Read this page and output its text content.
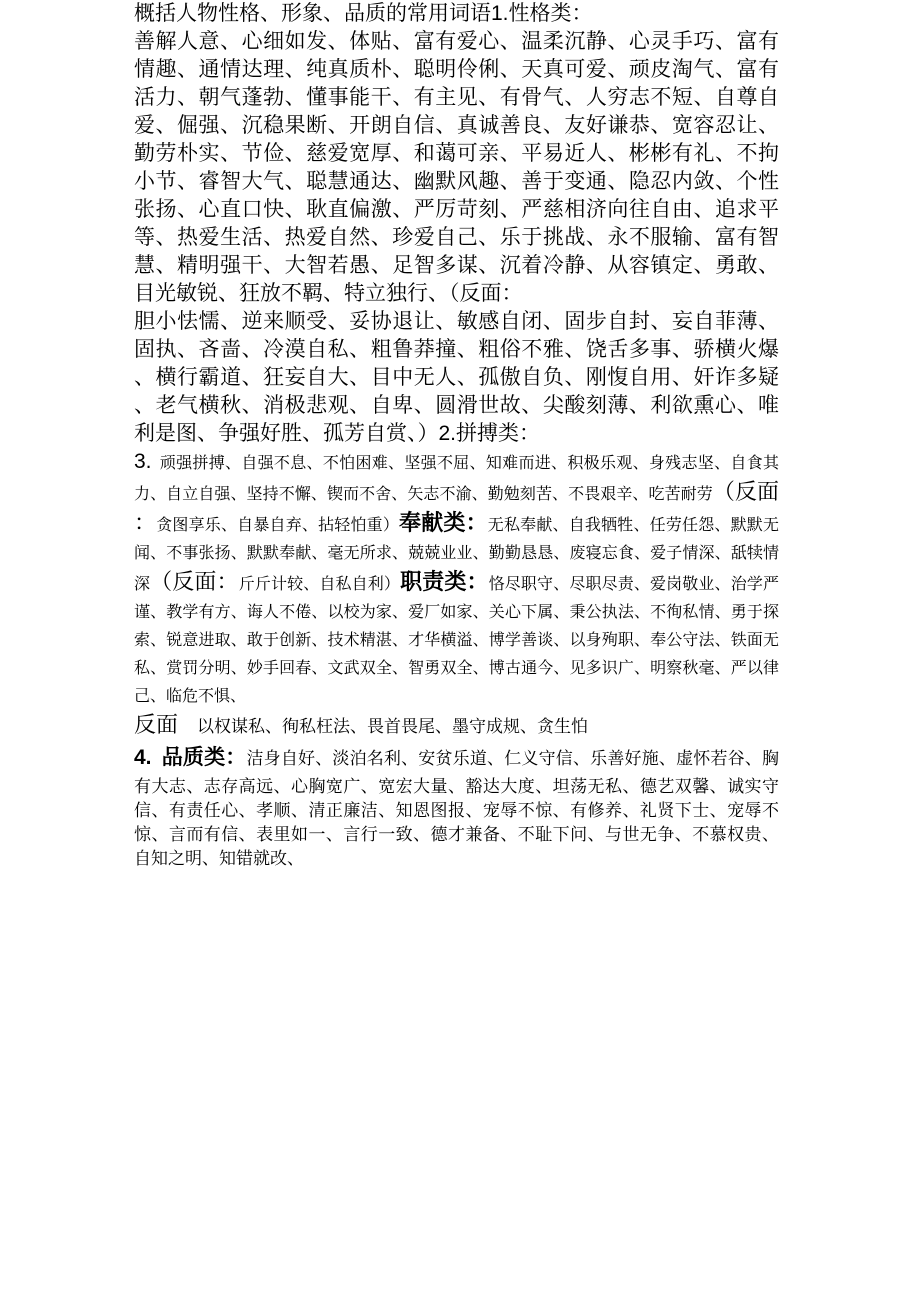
概括人物性格、形象、品质的常用词语1.性格类：

善解人意、心细如发、体贴、富有爱心、温柔沉静、心灵手巧、富有情趣、通情达理、纯真质朴、聪明伶俐、天真可爱、顽皮淘气、富有活力、朝气蓬勃、懂事能干、有主见、有骨气、人穷志不短、自尊自爱、倔强、沉稳果断、开朗自信、真诚善良、友好谦恭、宽容忍让、勤劳朴实、节俭、慈爱宽厚、和蔼可亲、平易近人、彬彬有礼、不拘小节、睿智大气、聪慧通达、幽默风趣、善于变通、隐忍内敛、个性张扬、心直口快、耿直偏激、严厉苛刻、严慈相济向往自由、追求平等、热爱生活、热爱自然、珍爱自己、乐于挑战、永不服输、富有智慧、精明强干、大智若愚、足智多谋、沉着冷静、从容镇定、勇敢、目光敏锐、狂放不羁、特立独行、（反面：

胆小怯懦、逆来顺受、妥协退让、敏感自闭、固步自封、妄自菲薄、固执、吝啬、冷漠自私、粗鲁莽撞、粗俗不雅、饶舌多事、骄横火爆、横行霸道、狂妄自大、目中无人、孤傲自负、刚愎自用、奸诈多疑、老气横秋、消极悲观、自卑、圆滑世故、尖酸刻薄、利欲熏心、唯利是图、争强好胜、孤芳自赏、）2.拼搏类：

3. 顽强拼搏、自强不息、不怕困难、坚强不屈、知难而进、积极乐观、身残志坚、自食其力、自立自强、坚持不懈、锲而不舍、矢志不渝、勤勉刻苦、不畏艰辛、吃苦耐劳（反面：贪图享乐、自暴自弃、拈轻怕重）奉献类：无私奉献、自我牺牲、任劳任怨、默默无闻、不事张扬、默默奉献、毫无所求、兢兢业业、勤勤恳恳、废寝忘食、爱子情深、舐犊情深（反面：斤斤计较、自私自利）职责类：恪尽职守、尽职尽责、爱岗敬业、治学严谨、教学有方、诲人不倦、以校为家、爱厂如家、关心下属、秉公执法、不徇私情、勇于探索、锐意进取、敢于创新、技术精湛、才华横溢、博学善谈、以身殉职、奉公守法、铁面无私、赏罚分明、妙手回春、文武双全、智勇双全、博古通今、见多识广、明察秋毫、严以律己、临危不惧、

反面 以权谋私、徇私枉法、畏首畏尾、墨守成规、贪生怕

4. 品质类：洁身自好、淡泊名利、安贫乐道、仁义守信、乐善好施、虚怀若谷、胸有大志、志存高远、心胸宽广、宽宏大量、豁达大度、坦荡无私、德艺双馨、诚实守信、有责任心、孝顺、清正廉洁、知恩图报、宠辱不惊、有修养、礼贤下士、宠辱不惊、言而有信、表里如一、言行一致、德才兼备、不耻下问、与世无争、不慕权贵、自知之明、知错就改、
